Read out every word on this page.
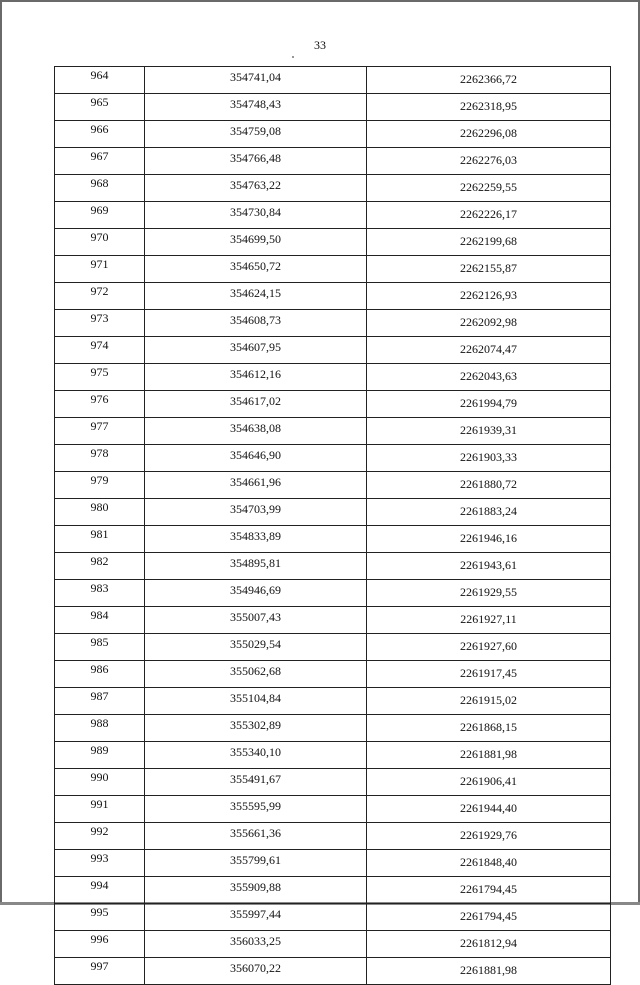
33
964	354741,04	2262366,72
965	354748,43	2262318,95
966	354759,08	2262296,08
967	354766,48	2262276,03
968	354763,22	2262259,55
969	354730,84	2262226,17
970	354699,50	2262199,68
971	354650,72	2262155,87
972	354624,15	2262126,93
973	354608,73	2262092,98
974	354607,95	2262074,47
975	354612,16	2262043,63
976	354617,02	2261994,79
977	354638,08	2261939,31
978	354646,90	2261903,33
979	354661,96	2261880,72
980	354703,99	2261883,24
981	354833,89	2261946,16
982	354895,81	2261943,61
983	354946,69	2261929,55
984	355007,43	2261927,11
985	355029,54	2261927,60
986	355062,68	2261917,45
987	355104,84	2261915,02
988	355302,89	2261868,15
989	355340,10	2261881,98
990	355491,67	2261906,41
991	355595,99	2261944,40
992	355661,36	2261929,76
993	355799,61	2261848,40
994	355909,88	2261794,45
995	355997,44	2261794,45
996	356033,25	2261812,94
997	356070,22	2261881,98
